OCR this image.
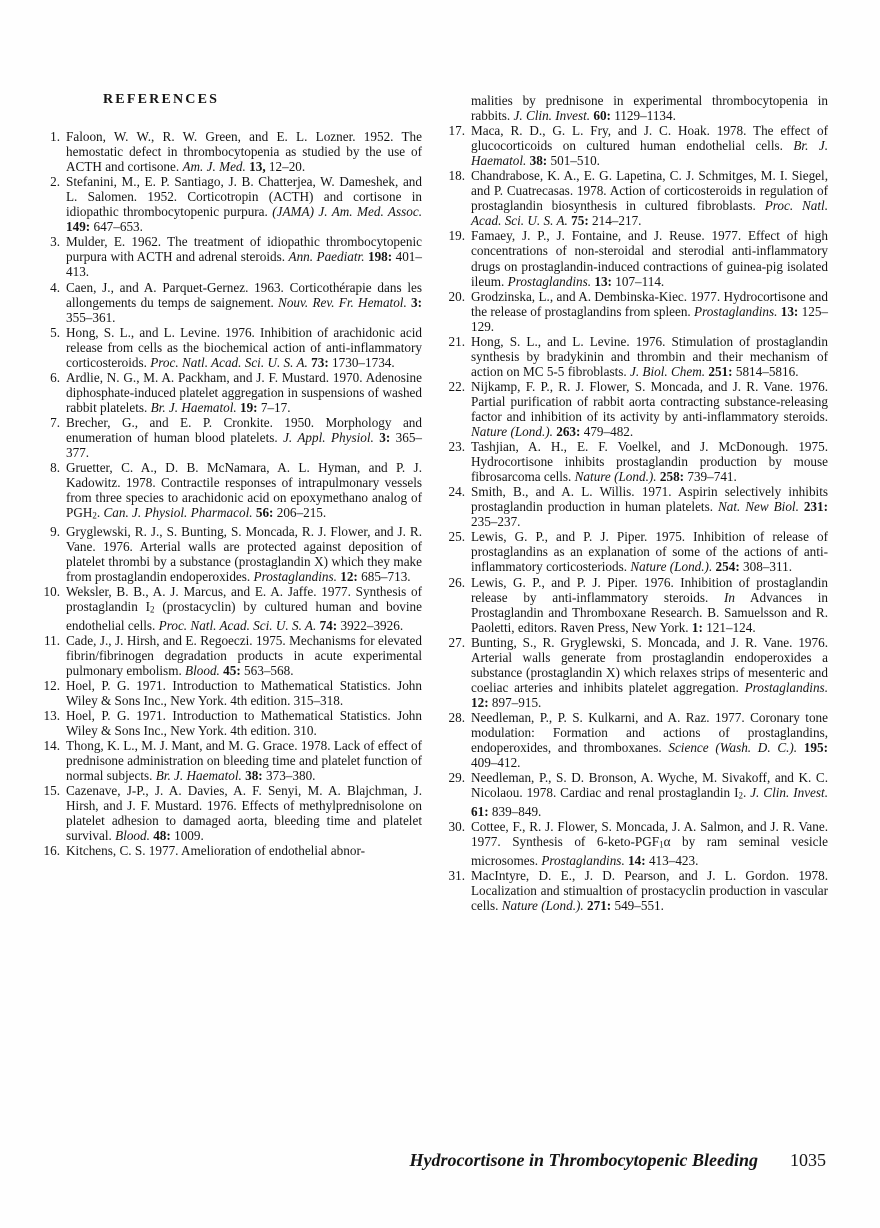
REFERENCES
1. Faloon, W. W., R. W. Green, and E. L. Lozner. 1952. The hemostatic defect in thrombocytopenia as studied by the use of ACTH and cortisone. Am. J. Med. 13, 12–20.
2. Stefanini, M., E. P. Santiago, J. B. Chatterjea, W. Dameshek, and L. Salomen. 1952. Corticotropin (ACTH) and cortisone in idiopathic thrombocytopenic purpura. (JAMA) J. Am. Med. Assoc. 149: 647–653.
3. Mulder, E. 1962. The treatment of idiopathic thrombocytopenic purpura with ACTH and adrenal steroids. Ann. Paediatr. 198: 401–413.
4. Caen, J., and A. Parquet-Gernez. 1963. Corticothérapie dans les allongements du temps de saignement. Nouv. Rev. Fr. Hematol. 3: 355–361.
5. Hong, S. L., and L. Levine. 1976. Inhibition of arachidonic acid release from cells as the biochemical action of anti-inflammatory corticosteroids. Proc. Natl. Acad. Sci. U. S. A. 73: 1730–1734.
6. Ardlie, N. G., M. A. Packham, and J. F. Mustard. 1970. Adenosine diphosphate-induced platelet aggregation in suspensions of washed rabbit platelets. Br. J. Haematol. 19: 7–17.
7. Brecher, G., and E. P. Cronkite. 1950. Morphology and enumeration of human blood platelets. J. Appl. Physiol. 3: 365–377.
8. Gruetter, C. A., D. B. McNamara, A. L. Hyman, and P. J. Kadowitz. 1978. Contractile responses of intrapulmonary vessels from three species to arachidonic acid on epoxymethano analog of PGH2. Can. J. Physiol. Pharmacol. 56: 206–215.
9. Gryglewski, R. J., S. Bunting, S. Moncada, R. J. Flower, and J. R. Vane. 1976. Arterial walls are protected against deposition of platelet thrombi by a substance (prostaglandin X) which they make from prostaglandin endoperoxides. Prostaglandins. 12: 685–713.
10. Weksler, B. B., A. J. Marcus, and E. A. Jaffe. 1977. Synthesis of prostaglandin I2 (prostacyclin) by cultured human and bovine endothelial cells. Proc. Natl. Acad. Sci. U. S. A. 74: 3922–3926.
11. Cade, J., J. Hirsh, and E. Regoeczi. 1975. Mechanisms for elevated fibrin/fibrinogen degradation products in acute experimental pulmonary embolism. Blood. 45: 563–568.
12. Hoel, P. G. 1971. Introduction to Mathematical Statistics. John Wiley & Sons Inc., New York. 4th edition. 315–318.
13. Hoel, P. G. 1971. Introduction to Mathematical Statistics. John Wiley & Sons Inc., New York. 4th edition. 310.
14. Thong, K. L., M. J. Mant, and M. G. Grace. 1978. Lack of effect of prednisone administration on bleeding time and platelet function of normal subjects. Br. J. Haematol. 38: 373–380.
15. Cazenave, J-P., J. A. Davies, A. F. Senyi, M. A. Blajchman, J. Hirsh, and J. F. Mustard. 1976. Effects of methylprednisolone on platelet adhesion to damaged aorta, bleeding time and platelet survival. Blood. 48: 1009.
16. Kitchens, C. S. 1977. Amelioration of endothelial abnor-
malities by prednisone in experimental thrombocytopenia in rabbits. J. Clin. Invest. 60: 1129–1134.
17. Maca, R. D., G. L. Fry, and J. C. Hoak. 1978. The effect of glucocorticoids on cultured human endothelial cells. Br. J. Haematol. 38: 501–510.
18. Chandrabose, K. A., E. G. Lapetina, C. J. Schmitges, M. I. Siegel, and P. Cuatrecasas. 1978. Action of corticosteroids in regulation of prostaglandin biosynthesis in cultured fibroblasts. Proc. Natl. Acad. Sci. U. S. A. 75: 214–217.
19. Famaey, J. P., J. Fontaine, and J. Reuse. 1977. Effect of high concentrations of non-steroidal and sterodial anti-inflammatory drugs on prostaglandin-induced contractions of guinea-pig isolated ileum. Prostaglandins. 13: 107–114.
20. Grodzinska, L., and A. Dembinska-Kiec. 1977. Hydrocortisone and the release of prostaglandins from spleen. Prostaglandins. 13: 125–129.
21. Hong, S. L., and L. Levine. 1976. Stimulation of prostaglandin synthesis by bradykinin and thrombin and their mechanism of action on MC 5-5 fibroblasts. J. Biol. Chem. 251: 5814–5816.
22. Nijkamp, F. P., R. J. Flower, S. Moncada, and J. R. Vane. 1976. Partial purification of rabbit aorta contracting substance-releasing factor and inhibition of its activity by anti-inflammatory steroids. Nature (Lond.). 263: 479–482.
23. Tashjian, A. H., E. F. Voelkel, and J. McDonough. 1975. Hydrocortisone inhibits prostaglandin production by mouse fibrosarcoma cells. Nature (Lond.). 258: 739–741.
24. Smith, B., and A. L. Willis. 1971. Aspirin selectively inhibits prostaglandin production in human platelets. Nat. New Biol. 231: 235–237.
25. Lewis, G. P., and P. J. Piper. 1975. Inhibition of release of prostaglandins as an explanation of some of the actions of anti-inflammatory corticosteriods. Nature (Lond.). 254: 308–311.
26. Lewis, G. P., and P. J. Piper. 1976. Inhibition of prostaglandin release by anti-inflammatory steroids. In Advances in Prostaglandin and Thromboxane Research. B. Samuelsson and R. Paoletti, editors. Raven Press, New York. 1: 121–124.
27. Bunting, S., R. Gryglewski, S. Moncada, and J. R. Vane. 1976. Arterial walls generate from prostaglandin endoperoxides a substance (prostaglandin X) which relaxes strips of mesenteric and coeliac arteries and inhibits platelet aggregation. Prostaglandins. 12: 897–915.
28. Needleman, P., P. S. Kulkarni, and A. Raz. 1977. Coronary tone modulation: Formation and actions of prostaglandins, endoperoxides, and thromboxanes. Science (Wash. D. C.). 195: 409–412.
29. Needleman, P., S. D. Bronson, A. Wyche, M. Sivakoff, and K. C. Nicolaou. 1978. Cardiac and renal prostaglandin I2. J. Clin. Invest. 61: 839–849.
30. Cottee, F., R. J. Flower, S. Moncada, J. A. Salmon, and J. R. Vane. 1977. Synthesis of 6-keto-PGF1α by ram seminal vesicle microsomes. Prostaglandins. 14: 413–423.
31. MacIntyre, D. E., J. D. Pearson, and J. L. Gordon. 1978. Localization and stimualtion of prostacyclin production in vascular cells. Nature (Lond.). 271: 549–551.
Hydrocortisone in Thrombocytopenic Bleeding 1035
